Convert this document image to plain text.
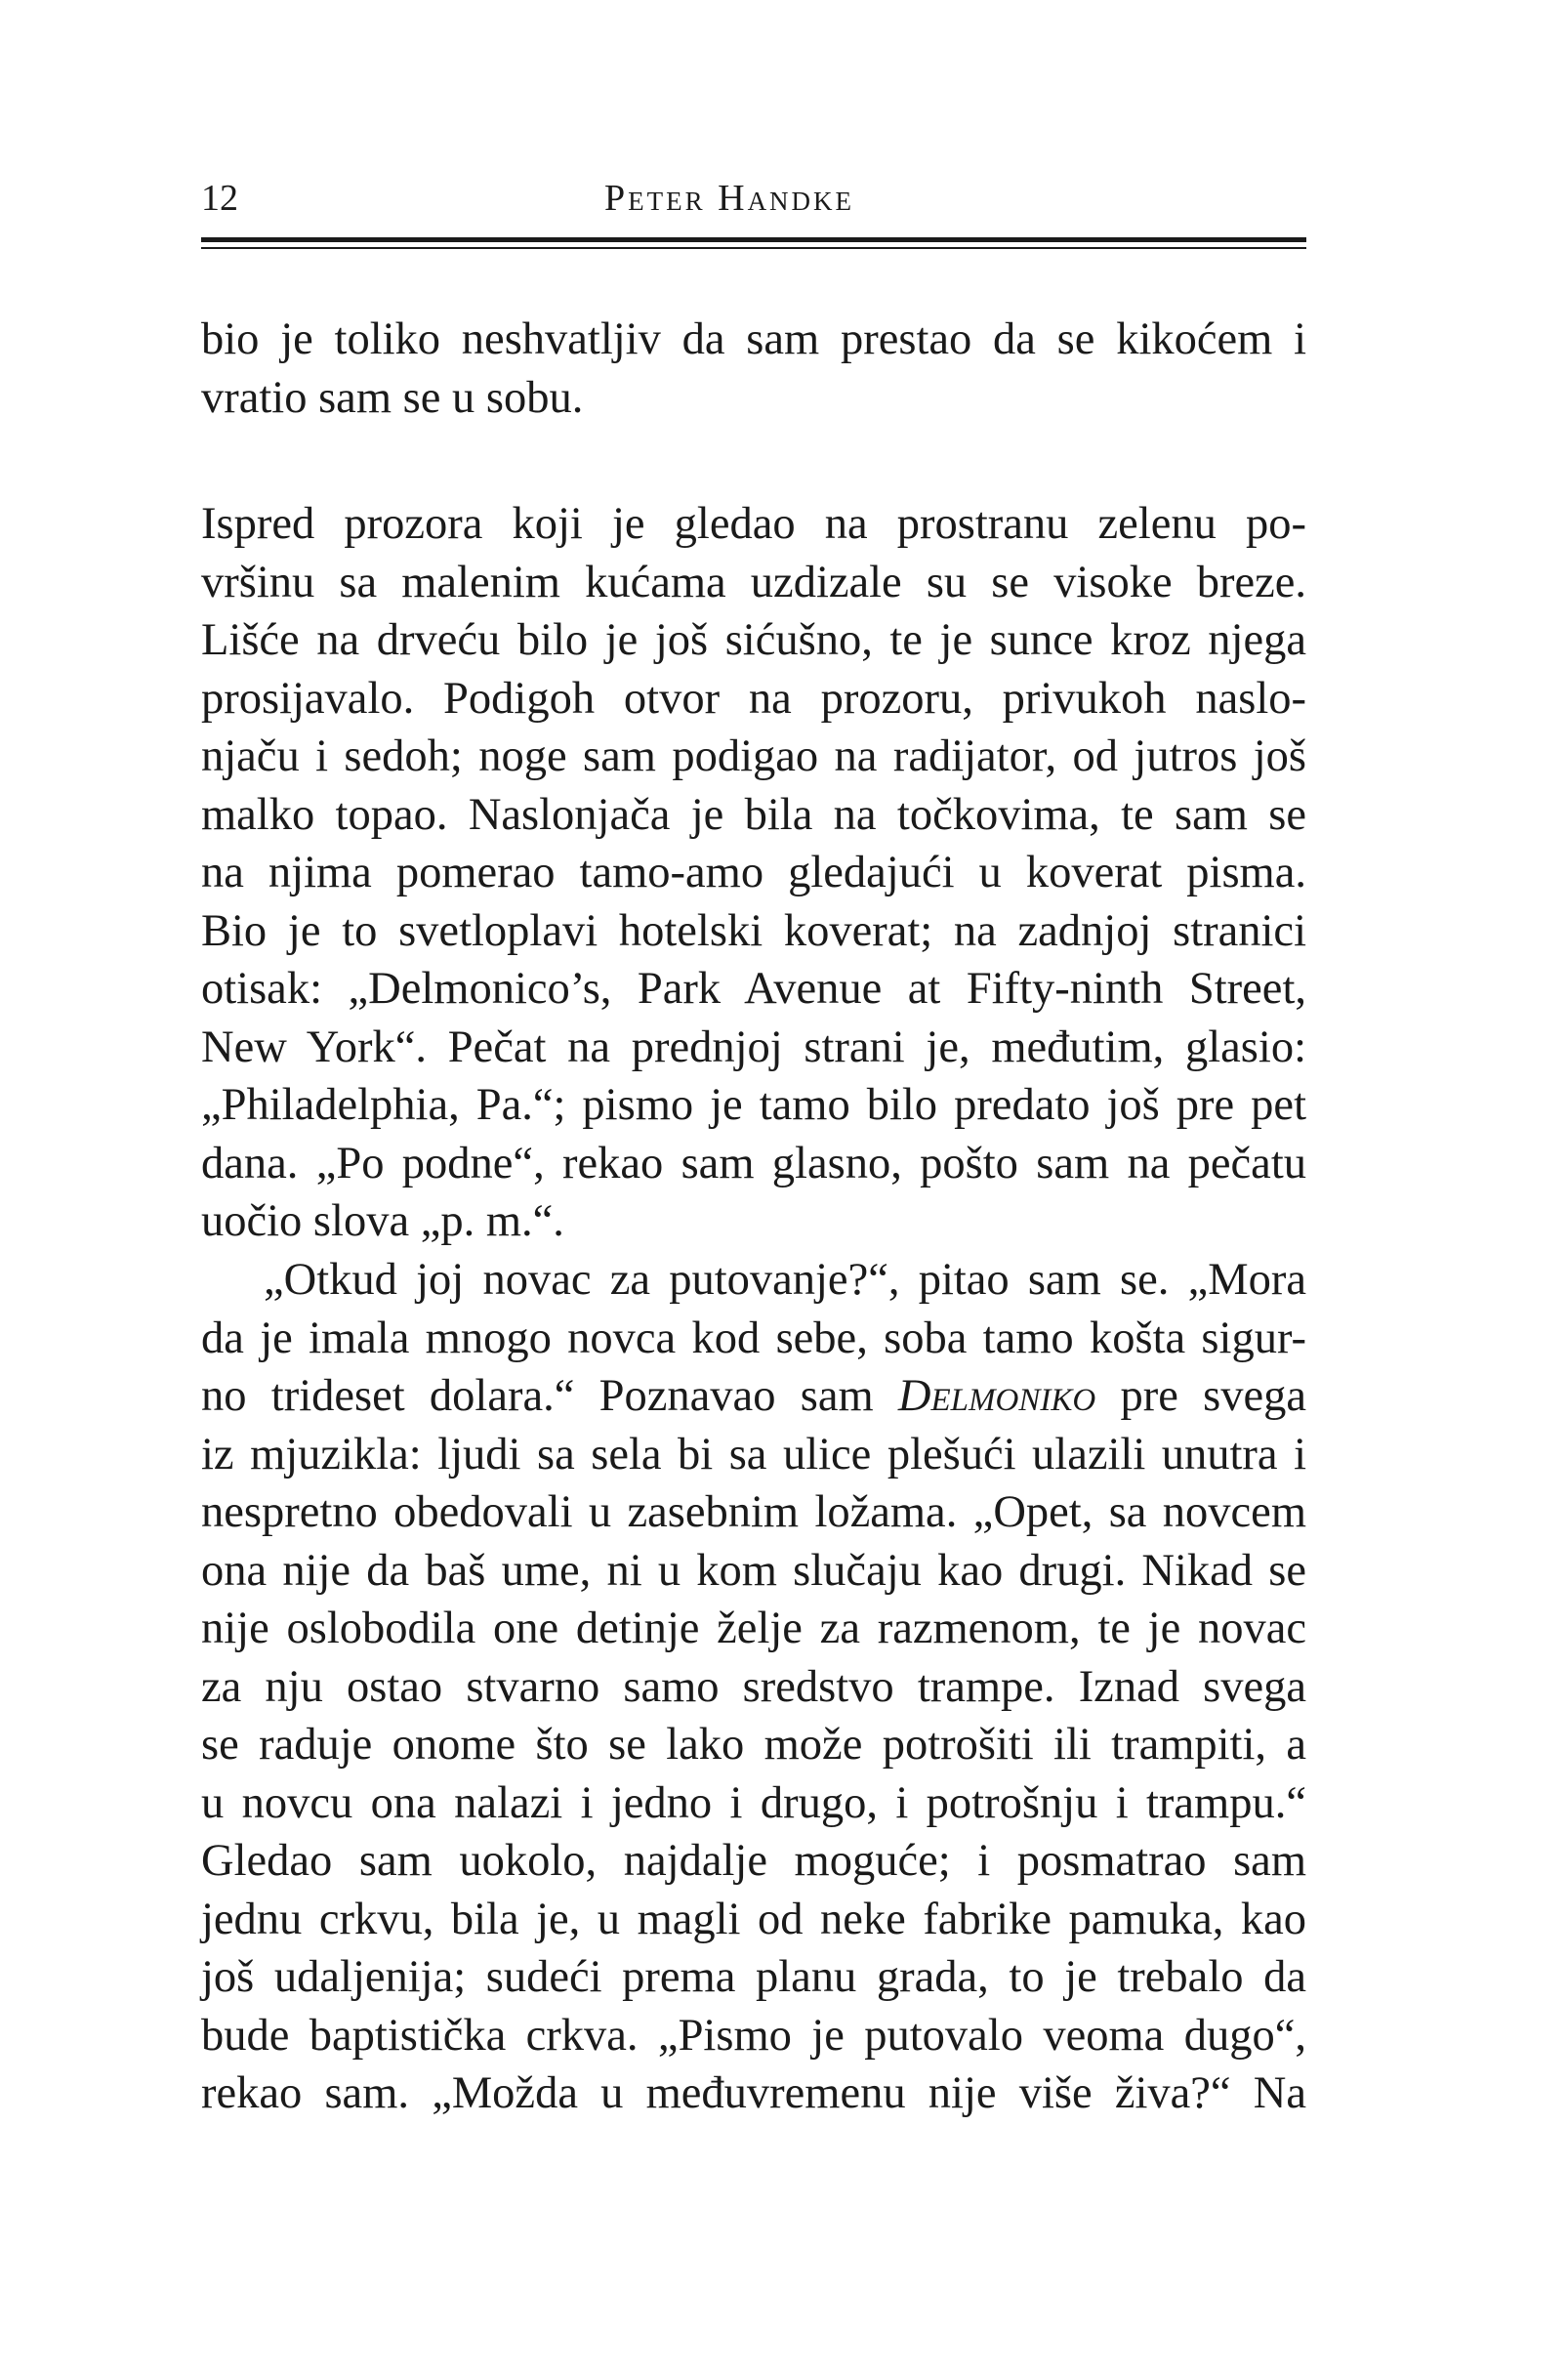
12	Peter Handke
bio je toliko neshvatljiv da sam prestao da se kikoćem i
vratio sam se u sobu.
Ispred prozora koji je gledao na prostranu zelenu po-
vršinu sa malenim kućama uzdizale su se visoke breze.
Lišće na drveću bilo je još sićušno, te je sunce kroz njega
prosijavalo. Podigoh otvor na prozoru, privukoh naslo-
njaču i sedoh; noge sam podigao na radijator, od jutros još
malko topao. Naslonjača je bila na točkovima, te sam se
na njima pomerao tamo-amo gledajući u koverat pisma.
Bio je to svetloplavi hotelski koverat; na zadnjoj stranici
otisak: „Delmonico’s, Park Avenue at Fifty-ninth Street,
New York“. Pečat na prednjoj strani je, međutim, glasio:
„Philadelphia, Pa.“; pismo je tamo bilo predato još pre pet
dana. „Po podne“, rekao sam glasno, pošto sam na pečatu
uočio slova „p. m.“.
„Otkud joj novac za putovanje?“, pitao sam se. „Mora
da je imala mnogo novca kod sebe, soba tamo košta sigur-
no trideset dolara.“ Poznavao sam Delmoniko pre svega
iz mjuzikla: ljudi sa sela bi sa ulice plešući ulazili unutra i
nespretno obedovali u zasebnim ložama. „Opet, sa novcem
ona nije da baš ume, ni u kom slučaju kao drugi. Nikad se
nije oslobodila one detinje želje za razmenom, te je novac
za nju ostao stvarno samo sredstvo trampe. Iznad svega
se raduje onome što se lako može potrošiti ili trampiti, a
u novcu ona nalazi i jedno i drugo, i potrošnju i trampu.“
Gledao sam uokolo, najdalje moguće; i posmatrao sam
jednu crkvu, bila je, u magli od neke fabrike pamuka, kao
još udaljenija; sudeći prema planu grada, to je trebalo da
bude baptistička crkva. „Pismo je putovalo veoma dugo“,
rekao sam. „Možda u međuvremenu nije više živa?“ Na
